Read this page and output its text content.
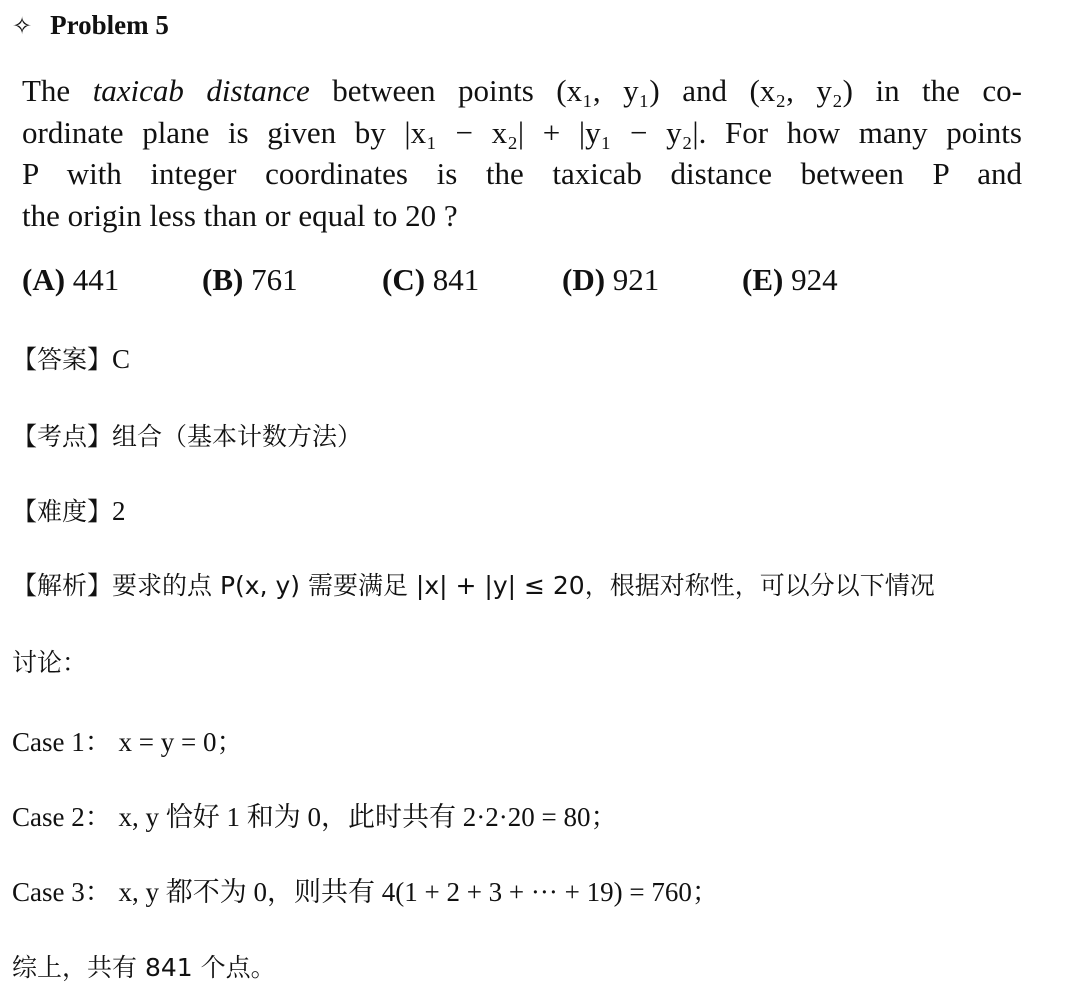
✧ Problem 5
The taxicab distance between points (x₁, y₁) and (x₂, y₂) in the co-
ordinate plane is given by |x₁ − x₂| + |y₁ − y₂|. For how many points
P with integer coordinates is the taxicab distance between P and
the origin less than or equal to 20 ?
(A) 441	(B) 761	(C) 841	(D) 921	(E) 924
【答案】C
【考点】组合（基本计数方法）
【难度】2
【解析】要求的点 P(x, y) 需要满足 |x| + |y| ≤ 20，根据对称性，可以分以下情况
讨论：
Case 1： x = y = 0；
Case 2： x, y 恰好 1 和为 0，此时共有 2·2·20 = 80；
Case 3： x, y 都不为 0，则共有 4(1 + 2 + 3 + ··· + 19) = 760；
综上，共有 841 个点。
